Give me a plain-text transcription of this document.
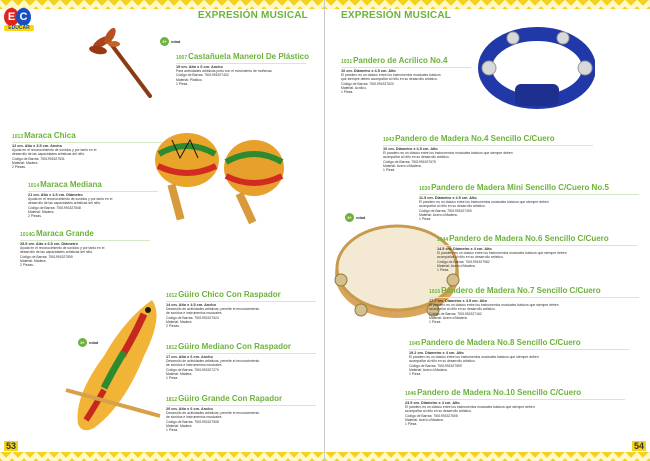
E C
EDUCAR
EXPRESIÓN MUSICAL
3+	edad
3+	edad
1007 Castañuela Manerol De Plástico
19 cm. Alto x 6 cm. Ancho
Para actividades artísticas junto con el movimiento de muñecas.
Código de Barras: 7501991527402
Material: Plástico.
1 Pieza.
1013 Maraca Chica
12 cm. Alto x 3.5 cm. Ancho
Ayuda en el reconocimiento de sonidos y por tanto en el
desarrollo de las capacidades artísticas del niño.
Código de Barras: 7501991527531
Material: Madera.
2 Piezas.
1014 Maraca Mediana
21 cm. Alto x 4.5 cm. Diámetro
Ayuda en el reconocimiento de sonidos y por tanto en el
desarrollo de las capacidades artísticas del niño.
Código de Barras: 7501991527548
Material: Madera.
2 Piezas.
1014G Maraca Grande
25.5 cm. Alto x 6.5 cm. Diámetro
Ayuda en el reconocimiento de sonidos y por tanto en el
desarrollo de las capacidades artísticas del niño.
Código de Barras: 7501991527555
Material: Madera.
2 Piezas.
1012 Güiro Chico Con Raspador
14 cm. Alto x 4.5 cm. Ancho
Desarrollo de actividades artísticas, permite el reconocimiento
de sonidos e instrumentos musicales
Código de Barras: 7501991527524
Material: Madera.
2 Piezas.
1812 Güiro Mediano Con Raspador
17 cm. Alto x 6 cm. Ancho
Desarrollo de actividades artísticas, permite el reconocimiento
de sonidos e instrumentos musicales
Código de Barras: 7501991527270
Material: Madera.
1 Pieza.
1812 Güiro Grande Con Rapador
20 cm. Alto x 6 cm. Ancho
Desarrollo de actividades artísticas, permite el reconocimiento
de sonidos e instrumentos musicales
Código de Barras: 7501991527508
Material: Madera.
1 Pieza.
53
EXPRESIÓN MUSICAL
3+	edad
1031 Pandero de Acrilico No.4
10 cm. Diámetro x 4.5 cm. Alto
El pandero es un clásico entre los instrumentos musicales básicos
que siempre deben acompañar al niño en su desarrollo artístico.
Código de Barras: 7501991527620
Material: Acrílico.
1 Pieza.
1043 Pandero de Madera No.4 Sencillo C/Cuero
10 cm. Diámetro x 4.5 cm. Alto
El pandero es un clásico entre los instrumentos musicales básicos que siempre deben
acompañar al niño en su desarrollo artístico.
Código de Barras: 7501991527675
Material: Acero c/Madera.
1 Pieza.
1030 Pandero de Madera Mini Sencillo C/Cuero No.5
11.5 cm. Diámetro x 4.5 cm. Alto
El pandero es un clásico entre los instrumentos musicales básicos que siempre deben
acompañar al niño en su desarrollo artístico.
Código de Barras: 7501991527490
Material: Acero c/Madera.
1 Pieza.
1044 Pandero de Madera No.6 Sencillo C/Cuero
14.5 cm. Diámetro x 4 cm. Alto
El pandero es un clásico entre los instrumentos musicales básicos que siempre deben
acompañar al niño en su desarrollo artístico.
Código de Barras: 7501991527582
Material: Acero c/Madera.
1 Pieza.
1015 Pandero de Madera No.7 Sencillo C/Cuero
17.7 cm. Diámetro x 4.5 cm. Alto
El pandero es un clásico entre los instrumentos musicales básicos que siempre deben
acompañar al niño en su desarrollo artístico.
Código de Barras: 7501991527162
Material: Acero c/Madera.
1 Pieza.
1045 Pandero de Madera No.8 Sencillo C/Cuero
19.2 cm. Diámetro x 4 cm. Alto
El pandero es un clásico entre los instrumentos musicales básicos que siempre deben
acompañar al niño en su desarrollo artístico.
Código de Barras: 7501991527599
Material: Acero c/Madera.
1 Pieza.
1046 Pandero de Madera No.10 Sencillo C/Cuero
23.5 cm. Diámetro x 4 cm. Alto
El pandero es un clásico entre los instrumentos musicales básicos que siempre deben
acompañar al niño en su desarrollo artístico.
Código de Barras: 7501991527605
Material: Acero c/Madera.
1 Pieza.
54
